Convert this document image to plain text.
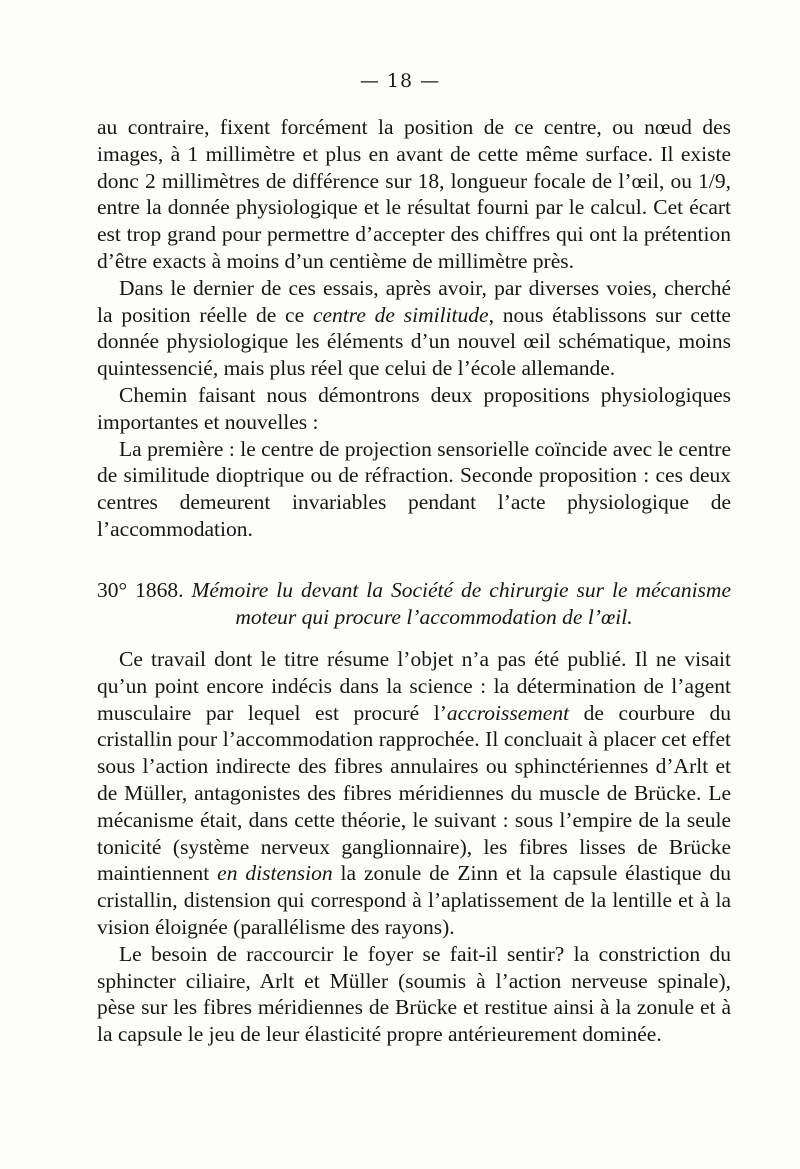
— 18 —

au contraire, fixent forcément la position de ce centre, ou nœud des images, à 1 millimètre et plus en avant de cette même surface. Il existe donc 2 millimètres de différence sur 18, longueur focale de l’œil, ou 1/9, entre la donnée physiologique et le résultat fourni par le calcul. Cet écart est trop grand pour permettre d’accepter des chiffres qui ont la prétention d’être exacts à moins d’un centième de millimètre près.

Dans le dernier de ces essais, après avoir, par diverses voies, cherché la position réelle de ce centre de similitude, nous établissons sur cette donnée physiologique les éléments d’un nouvel œil schématique, moins quintessencié, mais plus réel que celui de l’école allemande.

Chemin faisant nous démontrons deux propositions physiologiques importantes et nouvelles :

La première : le centre de projection sensorielle coïncide avec le centre de similitude dioptrique ou de réfraction. Seconde proposition : ces deux centres demeurent invariables pendant l’acte physiologique de l’accommodation.

30° 1868. Mémoire lu devant la Société de chirurgie sur le mécanisme
moteur qui procure l’accommodation de l’œil.

Ce travail dont le titre résume l’objet n’a pas été publié. Il ne visait qu’un point encore indécis dans la science : la détermination de l’agent musculaire par lequel est procuré l’accroissement de courbure du cristallin pour l’accommodation rapprochée. Il concluait à placer cet effet sous l’action indirecte des fibres annulaires ou sphinctériennes d’Arlt et de Müller, antagonistes des fibres méridiennes du muscle de Brücke. Le mécanisme était, dans cette théorie, le suivant : sous l’empire de la seule tonicité (système nerveux ganglionnaire), les fibres lisses de Brücke maintiennent en distension la zonule de Zinn et la capsule élastique du cristallin, distension qui correspond à l’aplatissement de la lentille et à la vision éloignée (parallélisme des rayons).

Le besoin de raccourcir le foyer se fait-il sentir? la constriction du sphincter ciliaire, Arlt et Müller (soumis à l’action nerveuse spinale), pèse sur les fibres méridiennes de Brücke et restitue ainsi à la zonule et à la capsule le jeu de leur élasticité propre antérieurement dominée.
